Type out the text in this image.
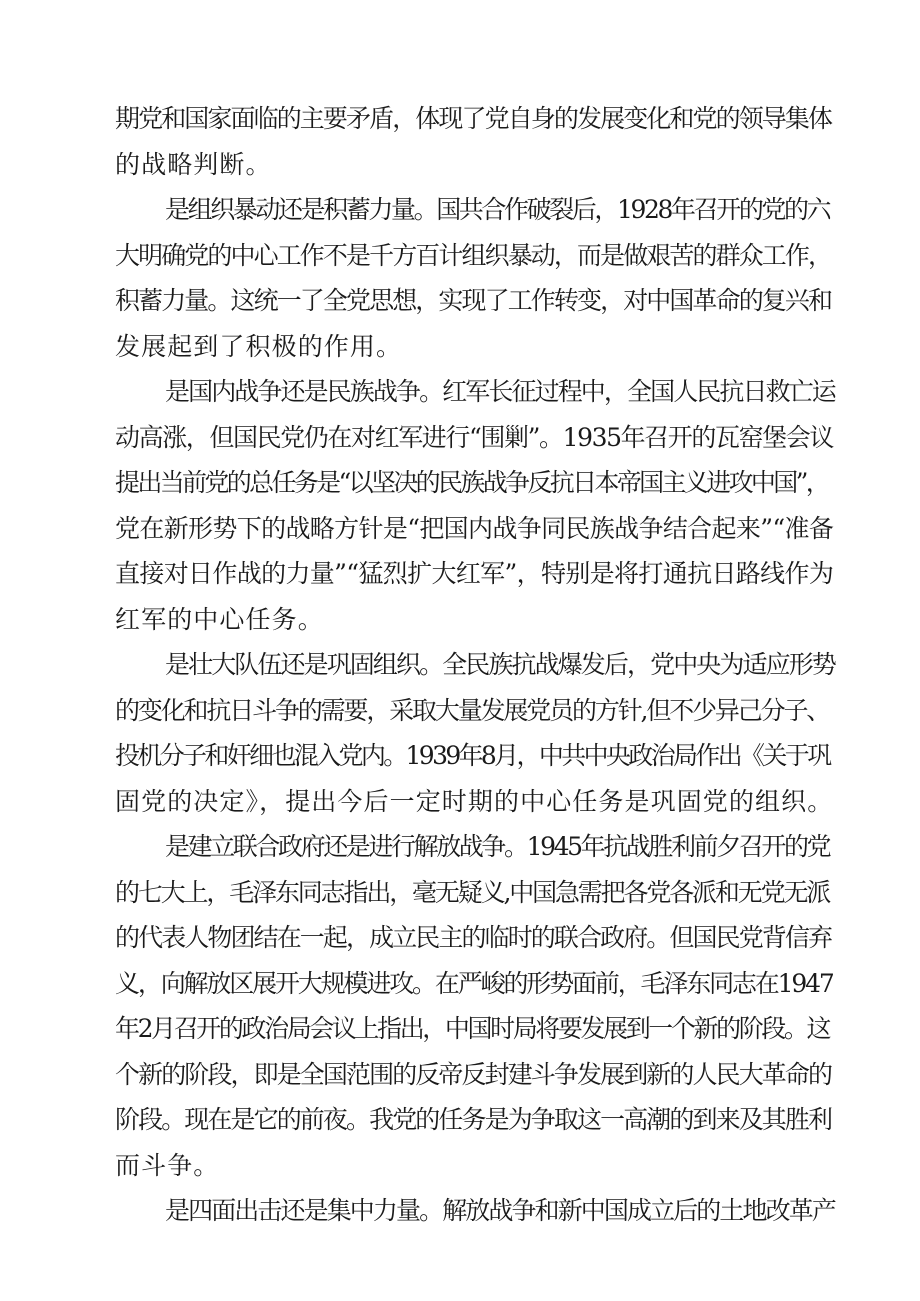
期党和国家面临的主要矛盾，体现了党自身的发展变化和党的领导集体
的战略判断。
是组织暴动还是积蓄力量。国共合作破裂后，1928年召开的党的六
大明确党的中心工作不是千方百计组织暴动，而是做艰苦的群众工作，
积蓄力量。这统一了全党思想，实现了工作转变，对中国革命的复兴和
发展起到了积极的作用。
是国内战争还是民族战争。红军长征过程中，全国人民抗日救亡运
动高涨，但国民党仍在对红军进行“围剿”。1935年召开的瓦窑堡会议
提出当前党的总任务是“以坚决的民族战争反抗日本帝国主义进攻中国”，
党在新形势下的战略方针是“把国内战争同民族战争结合起来”“准备
直接对日作战的力量”“猛烈扩大红军”，特别是将打通抗日路线作为
红军的中心任务。
是壮大队伍还是巩固组织。全民族抗战爆发后，党中央为适应形势
的变化和抗日斗争的需要，采取大量发展党员的方针,但不少异己分子、
投机分子和奸细也混入党内。1939年8月，中共中央政治局作出《关于巩
固党的决定》，提出今后一定时期的中心任务是巩固党的组织。
是建立联合政府还是进行解放战争。1945年抗战胜利前夕召开的党
的七大上，毛泽东同志指出，毫无疑义,中国急需把各党各派和无党无派
的代表人物团结在一起，成立民主的临时的联合政府。但国民党背信弃
义，向解放区展开大规模进攻。在严峻的形势面前，毛泽东同志在1947
年2月召开的政治局会议上指出，中国时局将要发展到一个新的阶段。这
个新的阶段，即是全国范围的反帝反封建斗争发展到新的人民大革命的
阶段。现在是它的前夜。我党的任务是为争取这一高潮的到来及其胜利
而斗争。
是四面出击还是集中力量。解放战争和新中国成立后的土地改革产
